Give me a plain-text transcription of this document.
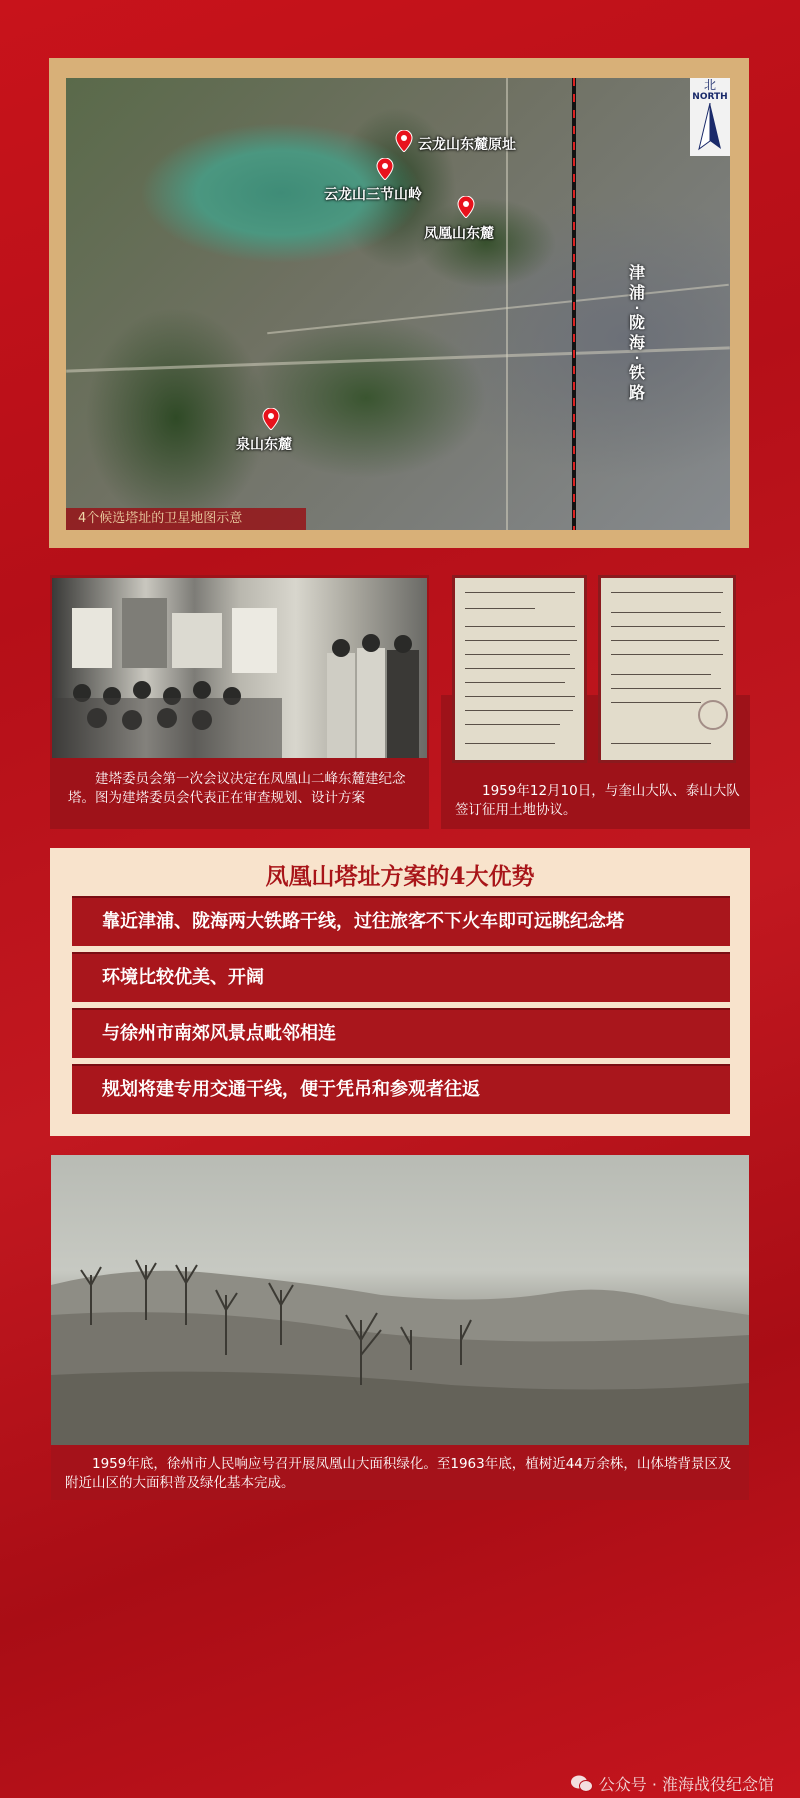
云龙山东麓原址
云龙山三节山岭
凤凰山东麓
泉山东麓
津
浦
·
陇
海
·
铁
路
北
NORTH
4个候选塔址的卫星地图示意
建塔委员会第一次会议决定在凤凰山二峰东麓建纪念塔。图为建塔委员会代表正在审查规划、设计方案	1959年12月10日，与奎山大队、泰山大队签订征用土地协议。
凤凰山塔址方案的4大优势
靠近津浦、陇海两大铁路干线，过往旅客不下火车即可远眺纪念塔
环境比较优美、开阔
与徐州市南郊风景点毗邻相连
规划将建专用交通干线，便于凭吊和参观者往返
1959年底，徐州市人民响应号召开展凤凰山大面积绿化。至1963年底，植树近44万余株，山体塔背景区及附近山区的大面积普及绿化基本完成。
公众号 · 淮海战役纪念馆
